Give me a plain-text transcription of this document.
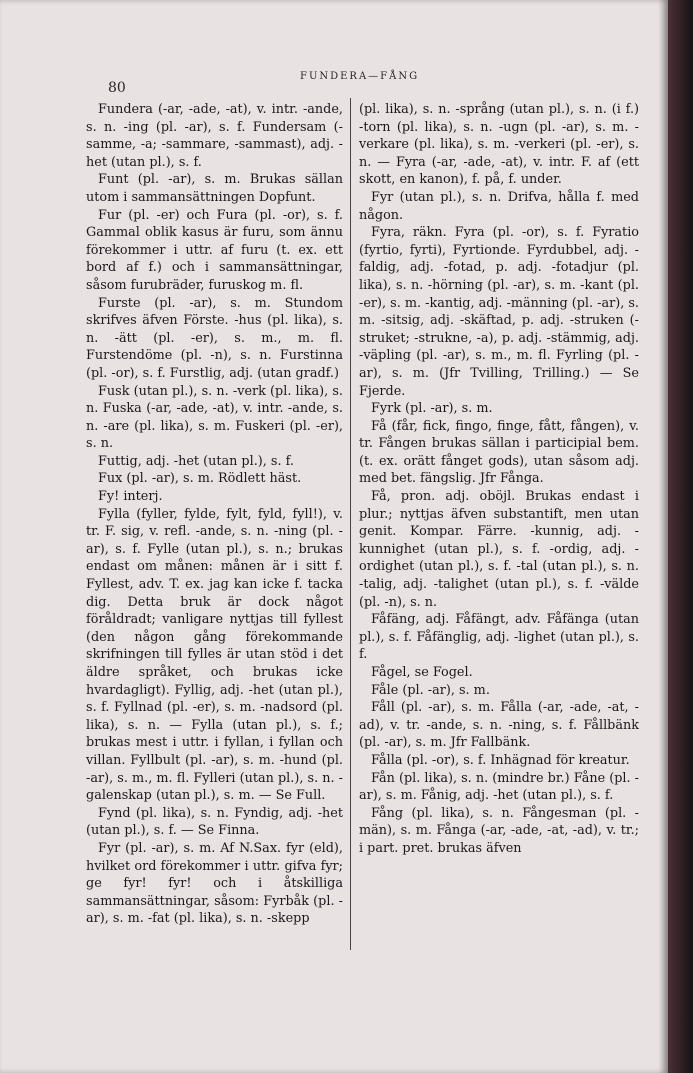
80
FUNDERA—FÅNG

Fundera (-ar, -ade, -at), v. intr. -ande, s. n. -ing (pl. -ar), s. f. Fundersam (-samme, -a; -sammare, -sammast), adj. -het (utan pl.), s. f.

Funt (pl. -ar), s. m. Brukas sällan utom i sammansättningen Dopfunt.

Fur (pl. -er) och Fura (pl. -or), s. f. Gammal oblik kasus är furu, som ännu förekommer i uttr. af furu (t. ex. ett bord af f.) och i sammansättningar, såsom furubräder, furuskog m. fl.

Furste (pl. -ar), s. m. Stundom skrifves äfven Förste. -hus (pl. lika), s. n. -ätt (pl. -er), s. m., m. fl. Furstendöme (pl. -n), s. n. Furstinna (pl. -or), s. f. Furstlig, adj. (utan gradf.)

Fusk (utan pl.), s. n. -verk (pl. lika), s. n. Fuska (-ar, -ade, -at), v. intr. -ande, s. n. -are (pl. lika), s. m. Fuskeri (pl. -er), s. n.

Futtig, adj. -het (utan pl.), s. f.

Fux (pl. -ar), s. m. Rödlett häst.

Fy! interj.

Fylla (fyller, fylde, fylt, fyld, fyll!), v. tr. F. sig, v. refl. -ande, s. n. -ning (pl. -ar), s. f. Fylle (utan pl.), s. n.; brukas endast om månen: månen är i sitt f. Fyllest, adv. T. ex. jag kan icke f. tacka dig. Detta bruk är dock något föråldradt; vanligare nyttjas till fyllest (den någon gång förekommande skrifningen till fylles är utan stöd i det äldre språket, och brukas icke hvardagligt). Fyllig, adj. -het (utan pl.), s. f. Fyllnad (pl. -er), s. m. -nadsord (pl. lika), s. n. — Fylla (utan pl.), s. f.; brukas mest i uttr. i fyllan, i fyllan och villan. Fyllbult (pl. -ar), s. m. -hund (pl. -ar), s. m., m. fl. Fylleri (utan pl.), s. n. -galenskap (utan pl.), s. m. — Se Full.

Fynd (pl. lika), s. n. Fyndig, adj. -het (utan pl.), s. f. — Se Finna.

Fyr (pl. -ar), s. m. Af N.Sax. fyr (eld), hvilket ord förekommer i uttr. gifva fyr; ge fyr! fyr! och i åtskilliga sammansättningar, såsom: Fyrbåk (pl. -ar), s. m. -fat (pl. lika), s. n. -skepp

(pl. lika), s. n. -språng (utan pl.), s. n. (i f.) -torn (pl. lika), s. n. -ugn (pl. -ar), s. m. -verkare (pl. lika), s. m. -verkeri (pl. -er), s. n. — Fyra (-ar, -ade, -at), v. intr. F. af (ett skott, en kanon), f. på, f. under.

Fyr (utan pl.), s. n. Drifva, hålla f. med någon.

Fyra, räkn. Fyra (pl. -or), s. f. Fyratio (fyrtio, fyrti), Fyrtionde. Fyrdubbel, adj. -faldig, adj. -fotad, p. adj. -fotadjur (pl. lika), s. n. -hörning (pl. -ar), s. m. -kant (pl. -er), s. m. -kantig, adj. -männing (pl. -ar), s. m. -sitsig, adj. -skäftad, p. adj. -struken (-struket; -strukne, -a), p. adj. -stämmig, adj. -väpling (pl. -ar), s. m., m. fl. Fyrling (pl. -ar), s. m. (Jfr Tvilling, Trilling.) — Se Fjerde.

Fyrk (pl. -ar), s. m.

Få (får, fick, fingo, finge, fått, fången), v. tr. Fången brukas sällan i participial bem. (t. ex. orätt fånget gods), utan såsom adj. med bet. fängslig. Jfr Fånga.

Få, pron. adj. oböjl. Brukas endast i plur.; nyttjas äfven substantift, men utan genit. Kompar. Färre. -kunnig, adj. -kunnighet (utan pl.), s. f. -ordig, adj. -ordighet (utan pl.), s. f. -tal (utan pl.), s. n. -talig, adj. -talighet (utan pl.), s. f. -välde (pl. -n), s. n.

Fåfäng, adj. Fåfängt, adv. Fåfänga (utan pl.), s. f. Fåfänglig, adj. -lighet (utan pl.), s. f.

Fågel, se Fogel.

Fåle (pl. -ar), s. m.

Fåll (pl. -ar), s. m. Fålla (-ar, -ade, -at, -ad), v. tr. -ande, s. n. -ning, s. f. Fållbänk (pl. -ar), s. m. Jfr Fallbänk.

Fålla (pl. -or), s. f. Inhägnad för kreatur.

Fån (pl. lika), s. n. (mindre br.) Fåne (pl. -ar), s. m. Fånig, adj. -het (utan pl.), s. f.

Fång (pl. lika), s. n. Fångesman (pl. -män), s. m. Fånga (-ar, -ade, -at, -ad), v. tr.; i part. pret. brukas äfven
